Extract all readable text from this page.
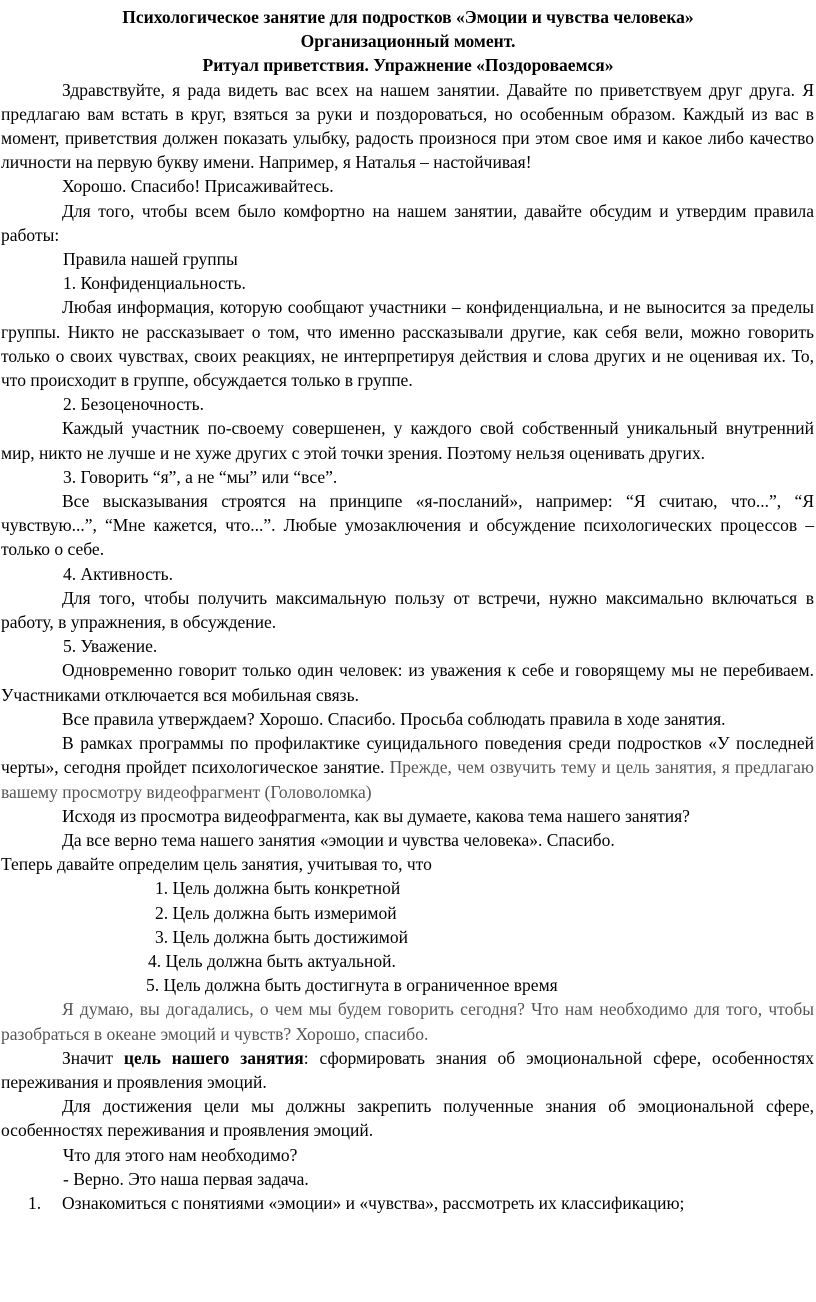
Психологическое занятие для подростков «Эмоции и чувства человека»
Организационный момент.
Ритуал приветствия. Упражнение «Поздороваемся»
Здравствуйте, я рада видеть вас всех на нашем занятии. Давайте по приветствуем друг друга. Я предлагаю вам встать в круг, взяться за руки и поздороваться, но особенным образом. Каждый из вас в момент, приветствия должен показать улыбку, радость произнося при этом свое имя и какое либо качество личности на первую букву имени. Например, я Наталья – настойчивая!
Хорошо. Спасибо! Присаживайтесь.
Для того, чтобы всем было комфортно на нашем занятии, давайте обсудим и утвердим правила работы:
Правила нашей группы
1. Конфиденциальность.
Любая информация, которую сообщают участники – конфиденциальна, и не выносится за пределы группы. Никто не рассказывает о том, что именно рассказывали другие, как себя вели, можно говорить только о своих чувствах, своих реакциях, не интерпретируя действия и слова других и не оценивая их. То, что происходит в группе, обсуждается только в группе.
2. Безоценочность.
Каждый участник по-своему совершенен, у каждого свой собственный уникальный внутренний мир, никто не лучше и не хуже других с этой точки зрения. Поэтому нельзя оценивать других.
3. Говорить “я”, а не “мы” или “все”.
Все высказывания строятся на принципе «я-посланий», например: “Я считаю, что...”, “Я чувствую...”, “Мне кажется, что...”. Любые умозаключения и обсуждение психологических процессов – только о себе.
4. Активность.
Для того, чтобы получить максимальную пользу от встречи, нужно максимально включаться в работу, в упражнения, в обсуждение.
5. Уважение.
Одновременно говорит только один человек: из уважения к себе и говорящему мы не перебиваем. Участниками отключается вся мобильная связь.
Все правила утверждаем? Хорошо. Спасибо. Просьба соблюдать правила в ходе занятия.
В рамках программы по профилактике суицидального поведения среди подростков «У последней черты», сегодня пройдет психологическое занятие. Прежде, чем озвучить тему и цель занятия, я предлагаю вашему просмотру видеофрагмент (Головоломка)
Исходя из просмотра видеофрагмента, как вы думаете, какова тема нашего занятия?
Да все верно тема нашего занятия «эмоции и чувства человека». Спасибо.
Теперь давайте определим цель занятия, учитывая то, что
1. Цель должна быть конкретной
2. Цель должна быть измеримой
3. Цель должна быть достижимой
4. Цель должна быть актуальной.
5. Цель должна быть достигнута в ограниченное время
Я думаю, вы догадались, о чем мы будем говорить сегодня? Что нам необходимо для того, чтобы разобраться в океане эмоций и чувств? Хорошо, спасибо.
Значит цель нашего занятия: сформировать знания об эмоциональной сфере, особенностях переживания и проявления эмоций.
Для достижения цели мы должны закрепить полученные знания об эмоциональной сфере, особенностях переживания и проявления эмоций.
Что для этого нам необходимо?
- Верно. Это наша первая задача.
1. Ознакомиться с понятиями «эмоции» и «чувства», рассмотреть их классификацию;
